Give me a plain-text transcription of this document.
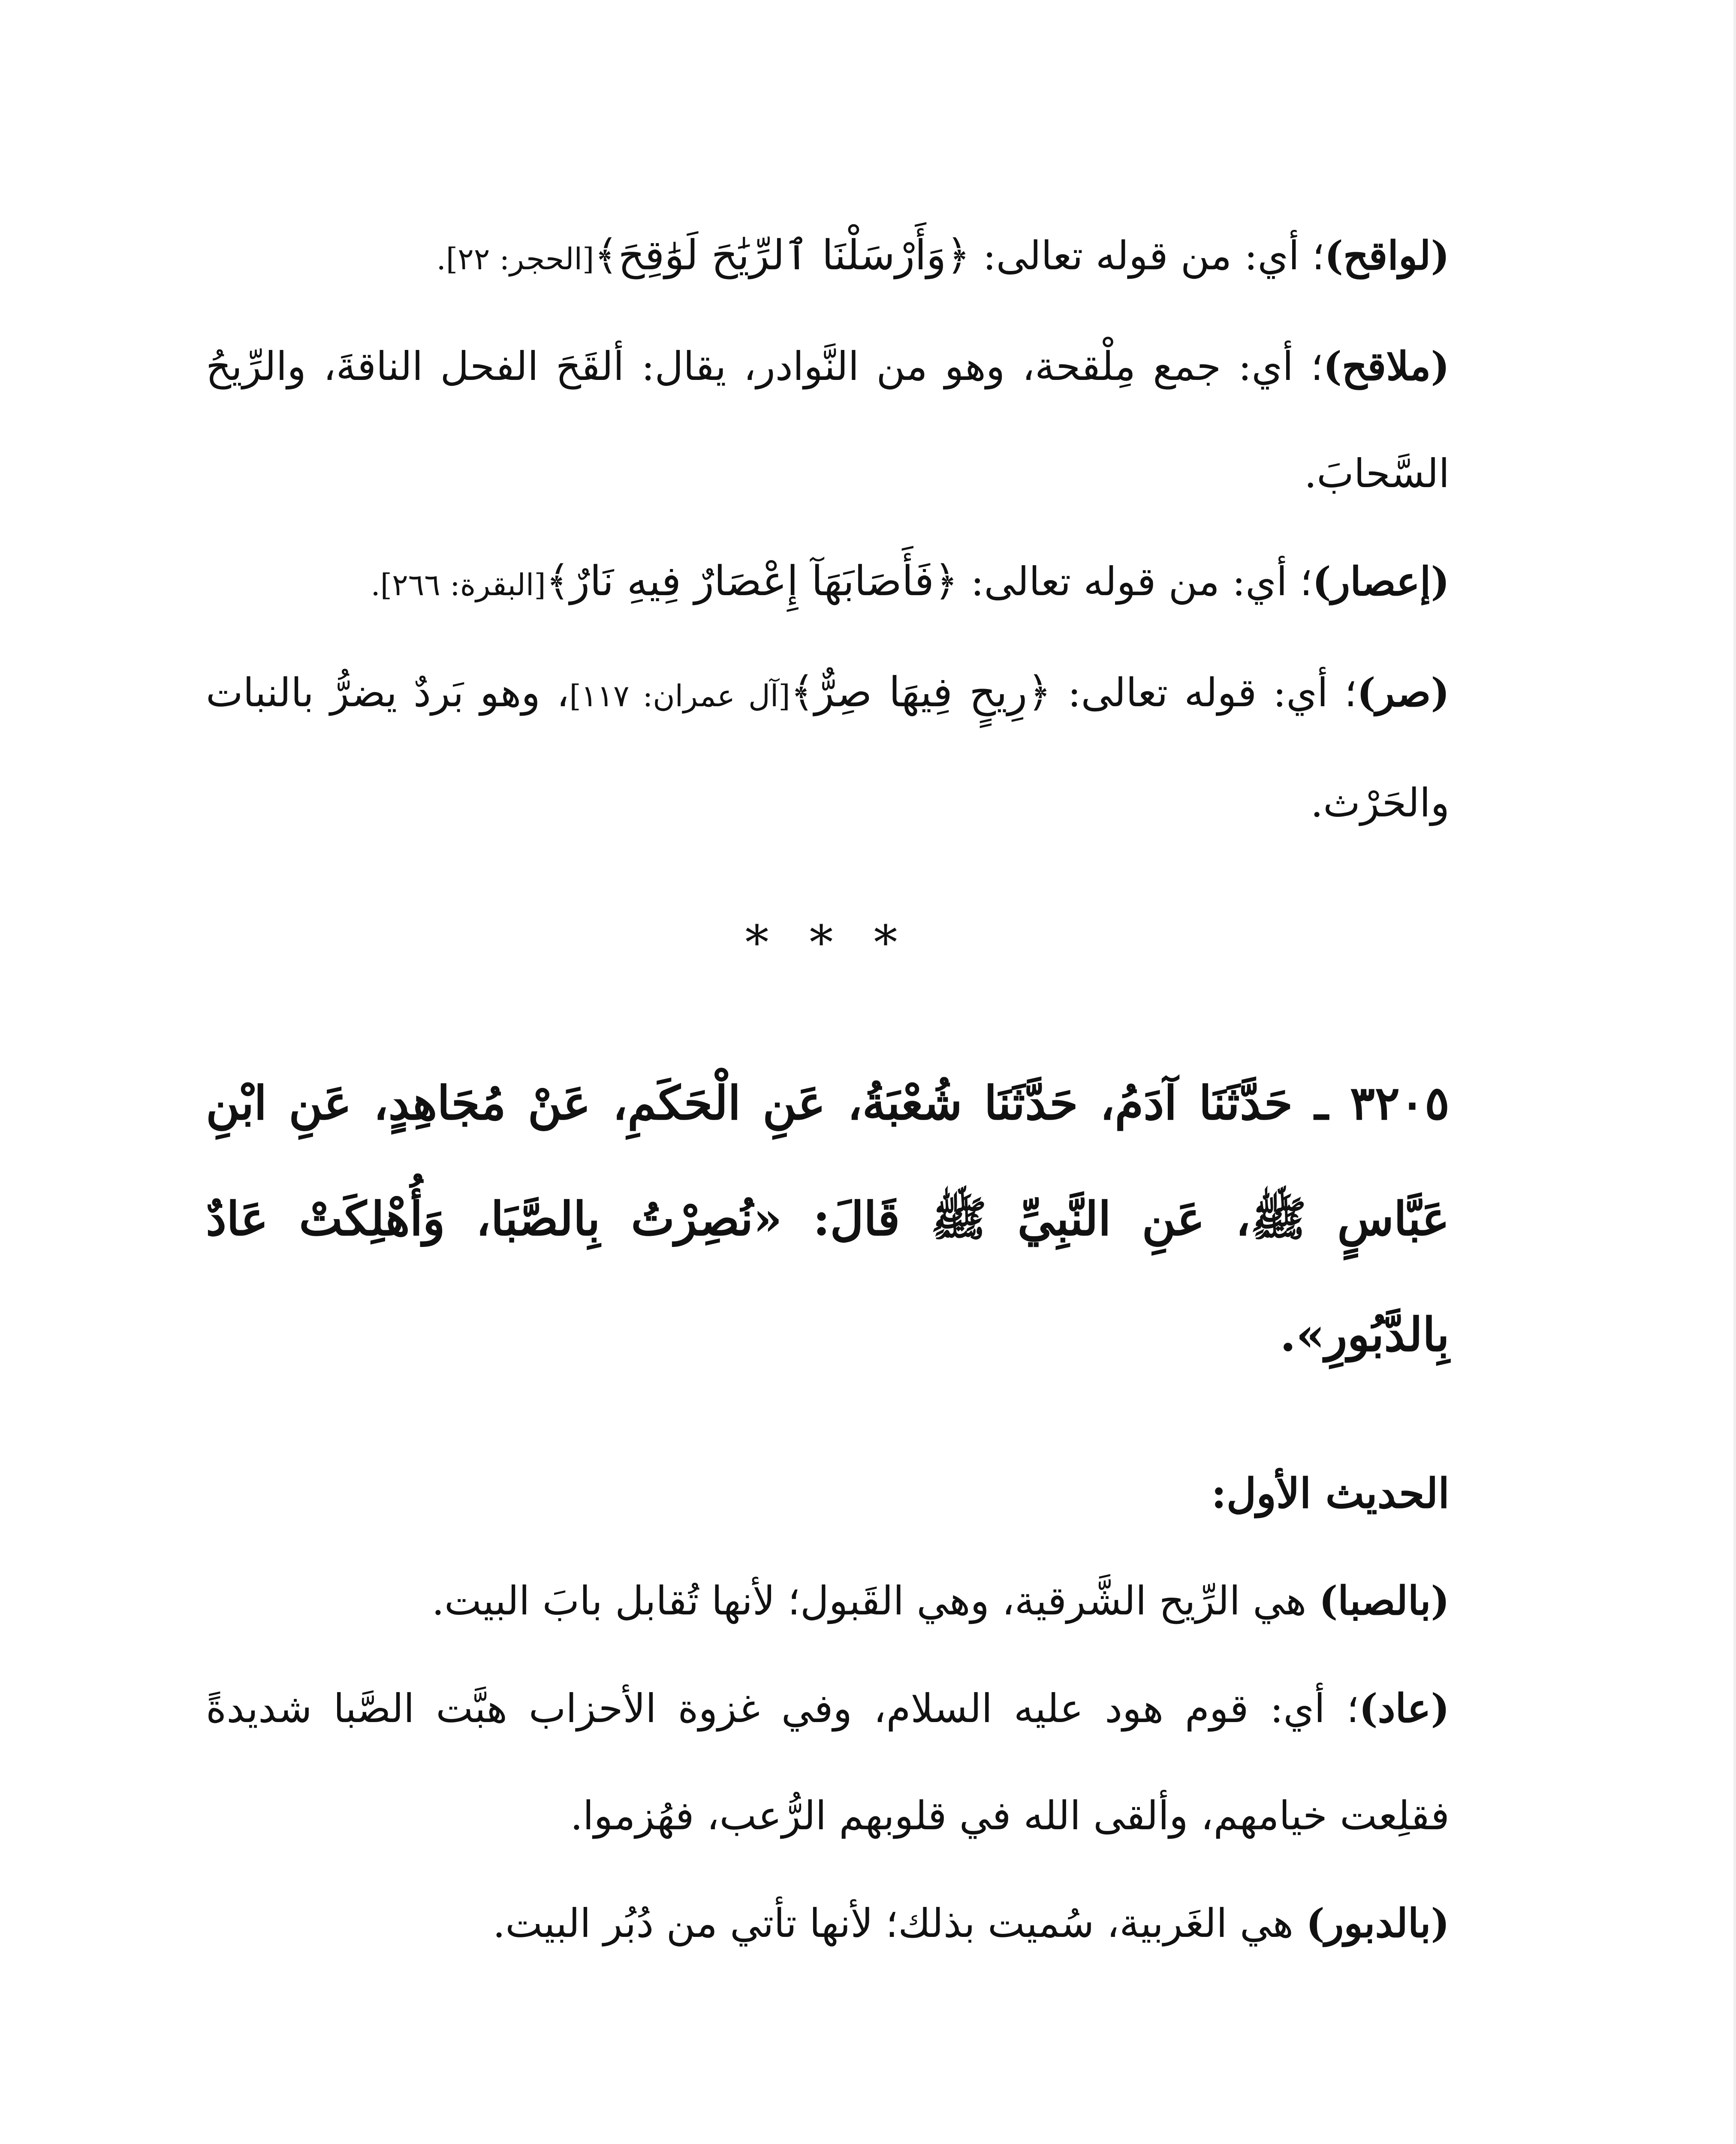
(لواقح)؛ أي: من قوله تعالى: ﴿وَأَرْسَلْنَا ٱلرِّيَٰحَ لَوَٰقِحَ﴾[الحجر: ٢٢].

(ملاقح)؛ أي: جمع مِلْقحة، وهو من النَّوادر، يقال: ألقَحَ الفحل الناقةَ، والرِّيحُ السَّحابَ.

(إعصار)؛ أي: من قوله تعالى: ﴿فَأَصَابَهَآ إِعْصَارٌ فِيهِ نَارٌ﴾[البقرة: ٢٦٦].

(صر)؛ أي: قوله تعالى: ﴿رِيحٍ فِيهَا صِرٌّ﴾[آل عمران: ١١٧]، وهو بَردٌ يضرُّ بالنبات والحَرْث.

* * *

٣٢٠٥ ـ حَدَّثَنَا آدَمُ، حَدَّثَنَا شُعْبَةُ، عَنِ الْحَكَمِ، عَنْ مُجَاهِدٍ، عَنِ ابْنِ عَبَّاسٍ ﷺ، عَنِ النَّبِيِّ ﷺ قَالَ: «نُصِرْتُ بِالصَّبَا، وَأُهْلِكَتْ عَادٌ بِالدَّبُورِ».

الحديث الأول:

(بالصبا) هي الرِّيح الشَّرقية، وهي القَبول؛ لأنها تُقابل بابَ البيت.

(عاد)؛ أي: قوم هود عليه السلام، وفي غزوة الأحزاب هبَّت الصَّبا شديدةً فقلِعت خيامهم، وألقى الله في قلوبهم الرُّعب، فهُزموا.

(بالدبور) هي الغَربية، سُميت بذلك؛ لأنها تأتي من دُبُر البيت.
